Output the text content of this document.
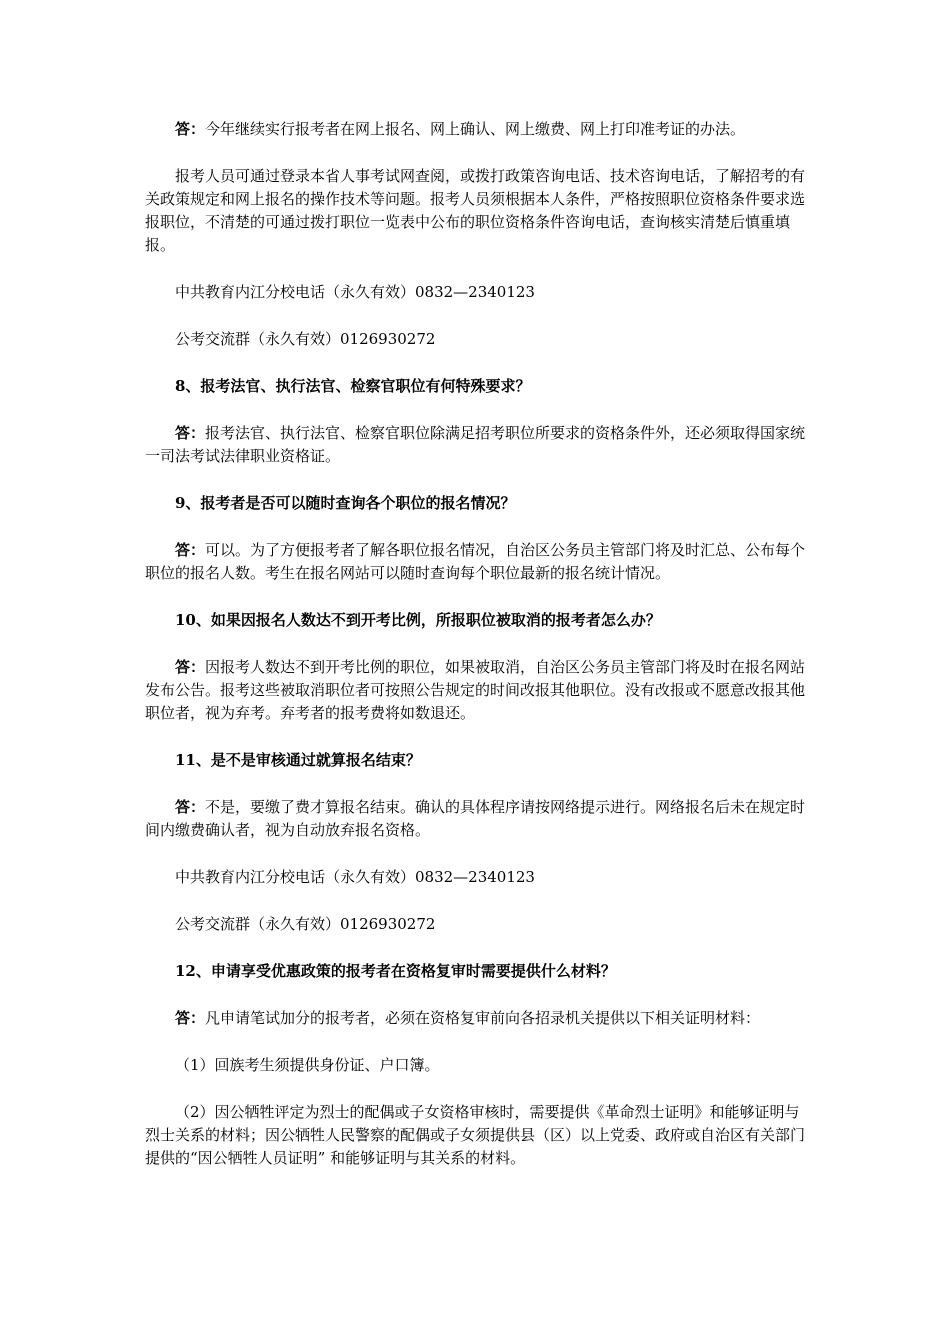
答：今年继续实行报考者在网上报名、网上确认、网上缴费、网上打印准考证的办法。

报考人员可通过登录本省人事考试网查阅，或拨打政策咨询电话、技术咨询电话，了解招考的有关政策规定和网上报名的操作技术等问题。报考人员须根据本人条件，严格按照职位资格条件要求选报职位，不清楚的可通过拨打职位一览表中公布的职位资格条件咨询电话，查询核实清楚后慎重填报。

中共教育内江分校电话（永久有效）0832—2340123

公考交流群（永久有效）0126930272

8、报考法官、执行法官、检察官职位有何特殊要求？

答：报考法官、执行法官、检察官职位除满足招考职位所要求的资格条件外，还必须取得国家统一司法考试法律职业资格证。

9、报考者是否可以随时查询各个职位的报名情况？

答：可以。为了方便报考者了解各职位报名情况，自治区公务员主管部门将及时汇总、公布每个职位的报名人数。考生在报名网站可以随时查询每个职位最新的报名统计情况。

10、如果因报名人数达不到开考比例，所报职位被取消的报考者怎么办？

答：因报考人数达不到开考比例的职位，如果被取消，自治区公务员主管部门将及时在报名网站发布公告。报考这些被取消职位者可按照公告规定的时间改报其他职位。没有改报或不愿意改报其他职位者，视为弃考。弃考者的报考费将如数退还。

11、是不是审核通过就算报名结束？

答：不是，要缴了费才算报名结束。确认的具体程序请按网络提示进行。网络报名后未在规定时间内缴费确认者，视为自动放弃报名资格。

中共教育内江分校电话（永久有效）0832—2340123

公考交流群（永久有效）0126930272

12、申请享受优惠政策的报考者在资格复审时需要提供什么材料？

答：凡申请笔试加分的报考者，必须在资格复审前向各招录机关提供以下相关证明材料：

（1）回族考生须提供身份证、户口簿。

（2）因公牺牲评定为烈士的配偶或子女资格审核时，需要提供《革命烈士证明》和能够证明与烈士关系的材料；因公牺牲人民警察的配偶或子女须提供县（区）以上党委、政府或自治区有关部门提供的“因公牺牲人员证明” 和能够证明与其关系的材料。
